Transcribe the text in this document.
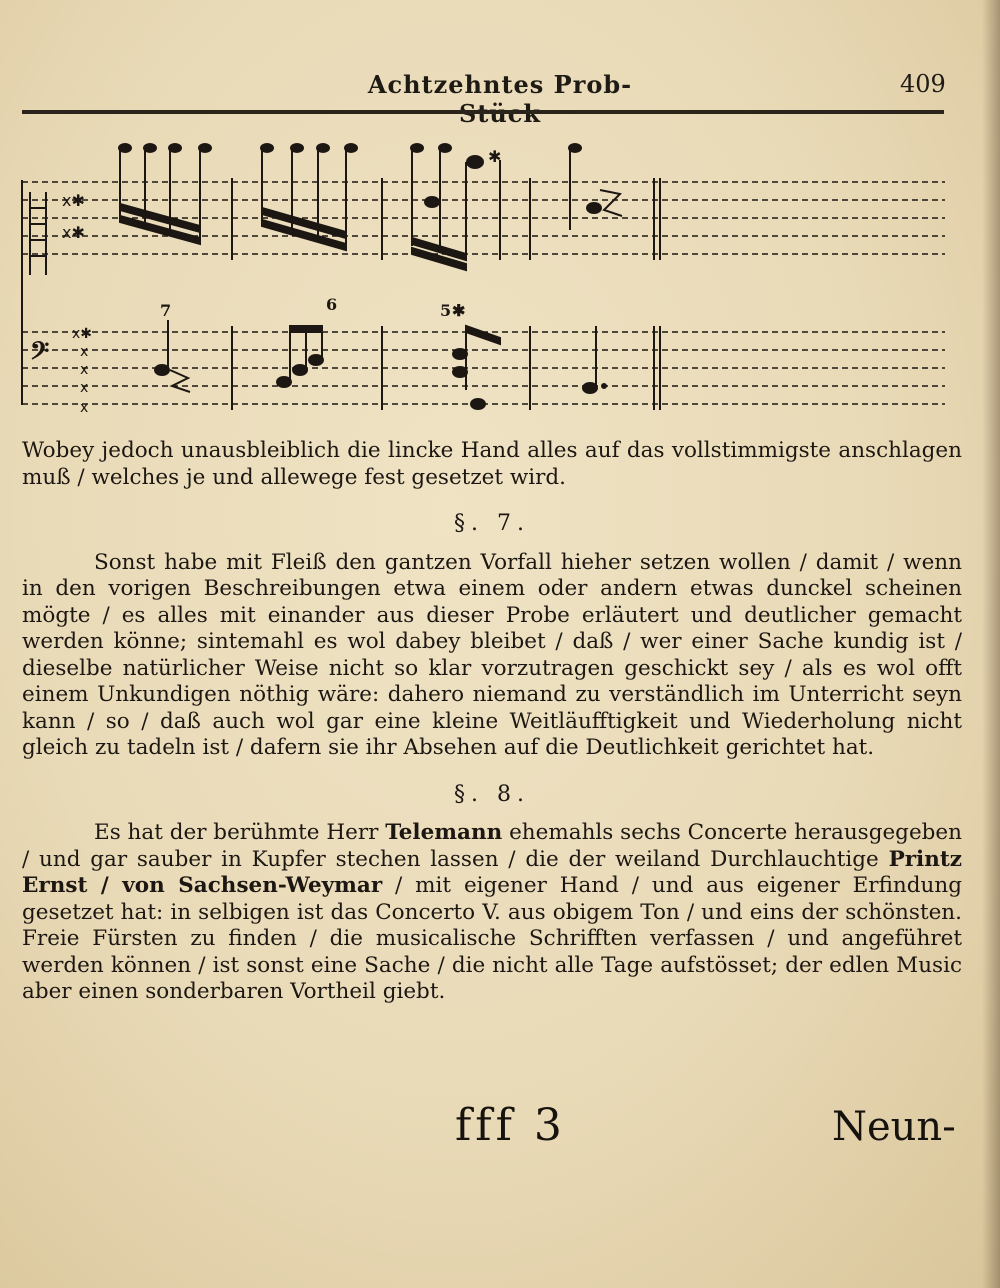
Achtzehntes Prob-	409
x✱
x✱
✱
𝄢
x✱
x
x
x
x
7	6	5 ✱

Wobey jedoch unausbleiblich die lincke Hand alles auf das vollstimmigste anschlagen muß / welches je und allewege fest gesetzet wird.

§. 7.

Sonst habe mit Fleiß den gantzen Vorfall hieher setzen wollen / damit / wenn in den vorigen Beschreibungen etwa einem oder andern etwas dunckel scheinen mögte / es alles mit einander aus dieser Probe erläutert und deutlicher gemacht werden könne; sintemahl es wol dabey bleibet / daß / wer einer Sache kundig ist / dieselbe natürlicher Weise nicht so klar vorzutragen geschickt sey / als es wol offt einem Unkundigen nöthig wäre: dahero niemand zu verständlich im Unterricht seyn kann / so / daß auch wol gar eine kleine Weitläufftigkeit und Wiederholung nicht gleich zu tadeln ist / dafern sie ihr Absehen auf die Deutlichkeit gerichtet hat.

§. 8.

Es hat der berühmte Herr Telemann ehemahls sechs Concerte herausgegeben / und gar sauber in Kupfer stechen lassen / die der weiland Durchlauchtige Printz Ernst / von Sachsen-Weymar / mit eigener Hand / und aus eigener Erfindung gesetzet hat: in selbigen ist das Concerto V. aus obigem Ton / und eins der schönsten. Freie Fürsten zu finden / die musicalische Schrifften verfassen / und angeführet werden können / ist sonst eine Sache / die nicht alle Tage aufstösset; der edlen Music aber einen sonderbaren Vortheil giebt.

fff 3	Neun-
